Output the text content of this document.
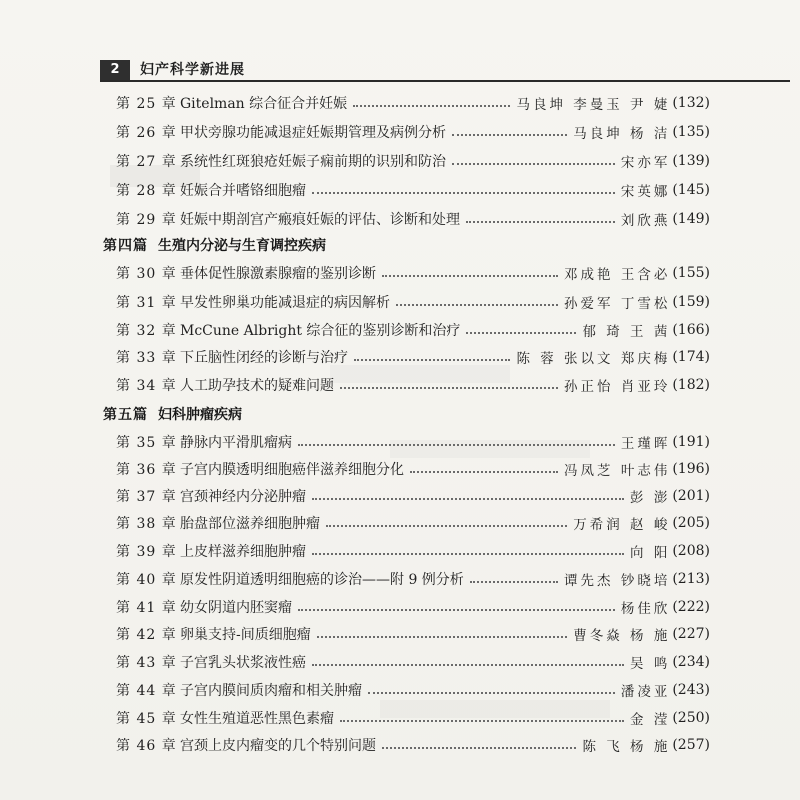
2	妇产科学新进展
第 25 章 Gitelman 综合征合并妊娠	马良坤 李曼玉 尹 婕 (132)
第 26 章 甲状旁腺功能减退症妊娠期管理及病例分析	马良坤 杨 洁 (135)
第 27 章 系统性红斑狼疮妊娠子痫前期的识别和防治	宋亦军 (139)
第 28 章 妊娠合并嗜铬细胞瘤	宋英娜 (145)
第 29 章 妊娠中期剖宫产瘢痕妊娠的评估、诊断和处理	刘欣燕 (149)
第四篇 生殖内分泌与生育调控疾病
第 30 章 垂体促性腺激素腺瘤的鉴别诊断	邓成艳 王含必 (155)
第 31 章 早发性卵巢功能减退症的病因解析	孙爱军 丁雪松 (159)
第 32 章 McCune Albright 综合征的鉴别诊断和治疗	郁 琦 王 茜 (166)
第 33 章 下丘脑性闭经的诊断与治疗	陈 蓉 张以文 郑庆梅 (174)
第 34 章 人工助孕技术的疑难问题	孙正怡 肖亚玲 (182)
第五篇 妇科肿瘤疾病
第 35 章 静脉内平滑肌瘤病	王瑾晖 (191)
第 36 章 子宫内膜透明细胞癌伴滋养细胞分化	冯凤芝 叶志伟 (196)
第 37 章 宫颈神经内分泌肿瘤	彭 澎 (201)
第 38 章 胎盘部位滋养细胞肿瘤	万希润 赵 峻 (205)
第 39 章 上皮样滋养细胞肿瘤	向 阳 (208)
第 40 章 原发性阴道透明细胞癌的诊治——附 9 例分析	谭先杰 钞晓培 (213)
第 41 章 幼女阴道内胚窦瘤	杨佳欣 (222)
第 42 章 卵巢支持-间质细胞瘤	曹冬焱 杨 施 (227)
第 43 章 子宫乳头状浆液性癌	吴 鸣 (234)
第 44 章 子宫内膜间质肉瘤和相关肿瘤	潘凌亚 (243)
第 45 章 女性生殖道恶性黑色素瘤	金 滢 (250)
第 46 章 宫颈上皮内瘤变的几个特别问题	陈 飞 杨 施 (257)
